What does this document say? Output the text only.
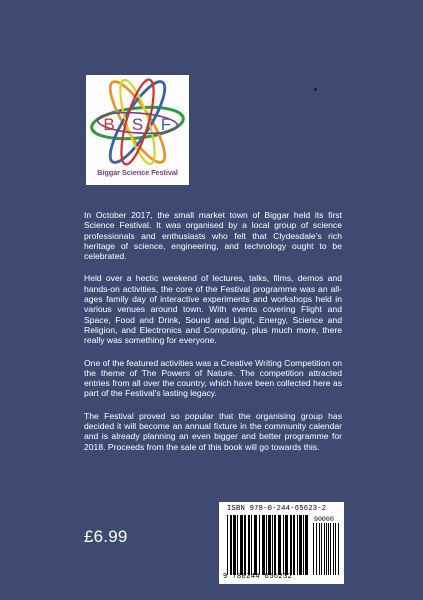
B S F
Biggar Science Festival

In October 2017, the small market town of Biggar held its first Science Festival. It was organised by a local group of science professionals and enthusiasts who felt that Clydesdale's rich heritage of science, engineering, and technology ought to be celebrated.

Held over a hectic weekend of lectures, talks, films, demos and hands-on activities, the core of the Festival programme was an all-ages family day of interactive experiments and workshops held in various venues around town. With events covering Flight and Space, Food and Drink, Sound and Light, Energy, Science and Religion, and Electronics and Computing, plus much more, there really was something for everyone.

One of the featured activities was a Creative Writing Competition on the theme of The Powers of Nature. The competition attracted entries from all over the country, which have been collected here as part of the Festival's lasting legacy.

The Festival proved so popular that the organising group has decided it will become an annual fixture in the community calendar and is already planning an even bigger and better programme for 2018. Proceeds from the sale of this book will go towards this.

£6.99
ISBN 978-0-244-65623-2
90000
9 780244 656232
